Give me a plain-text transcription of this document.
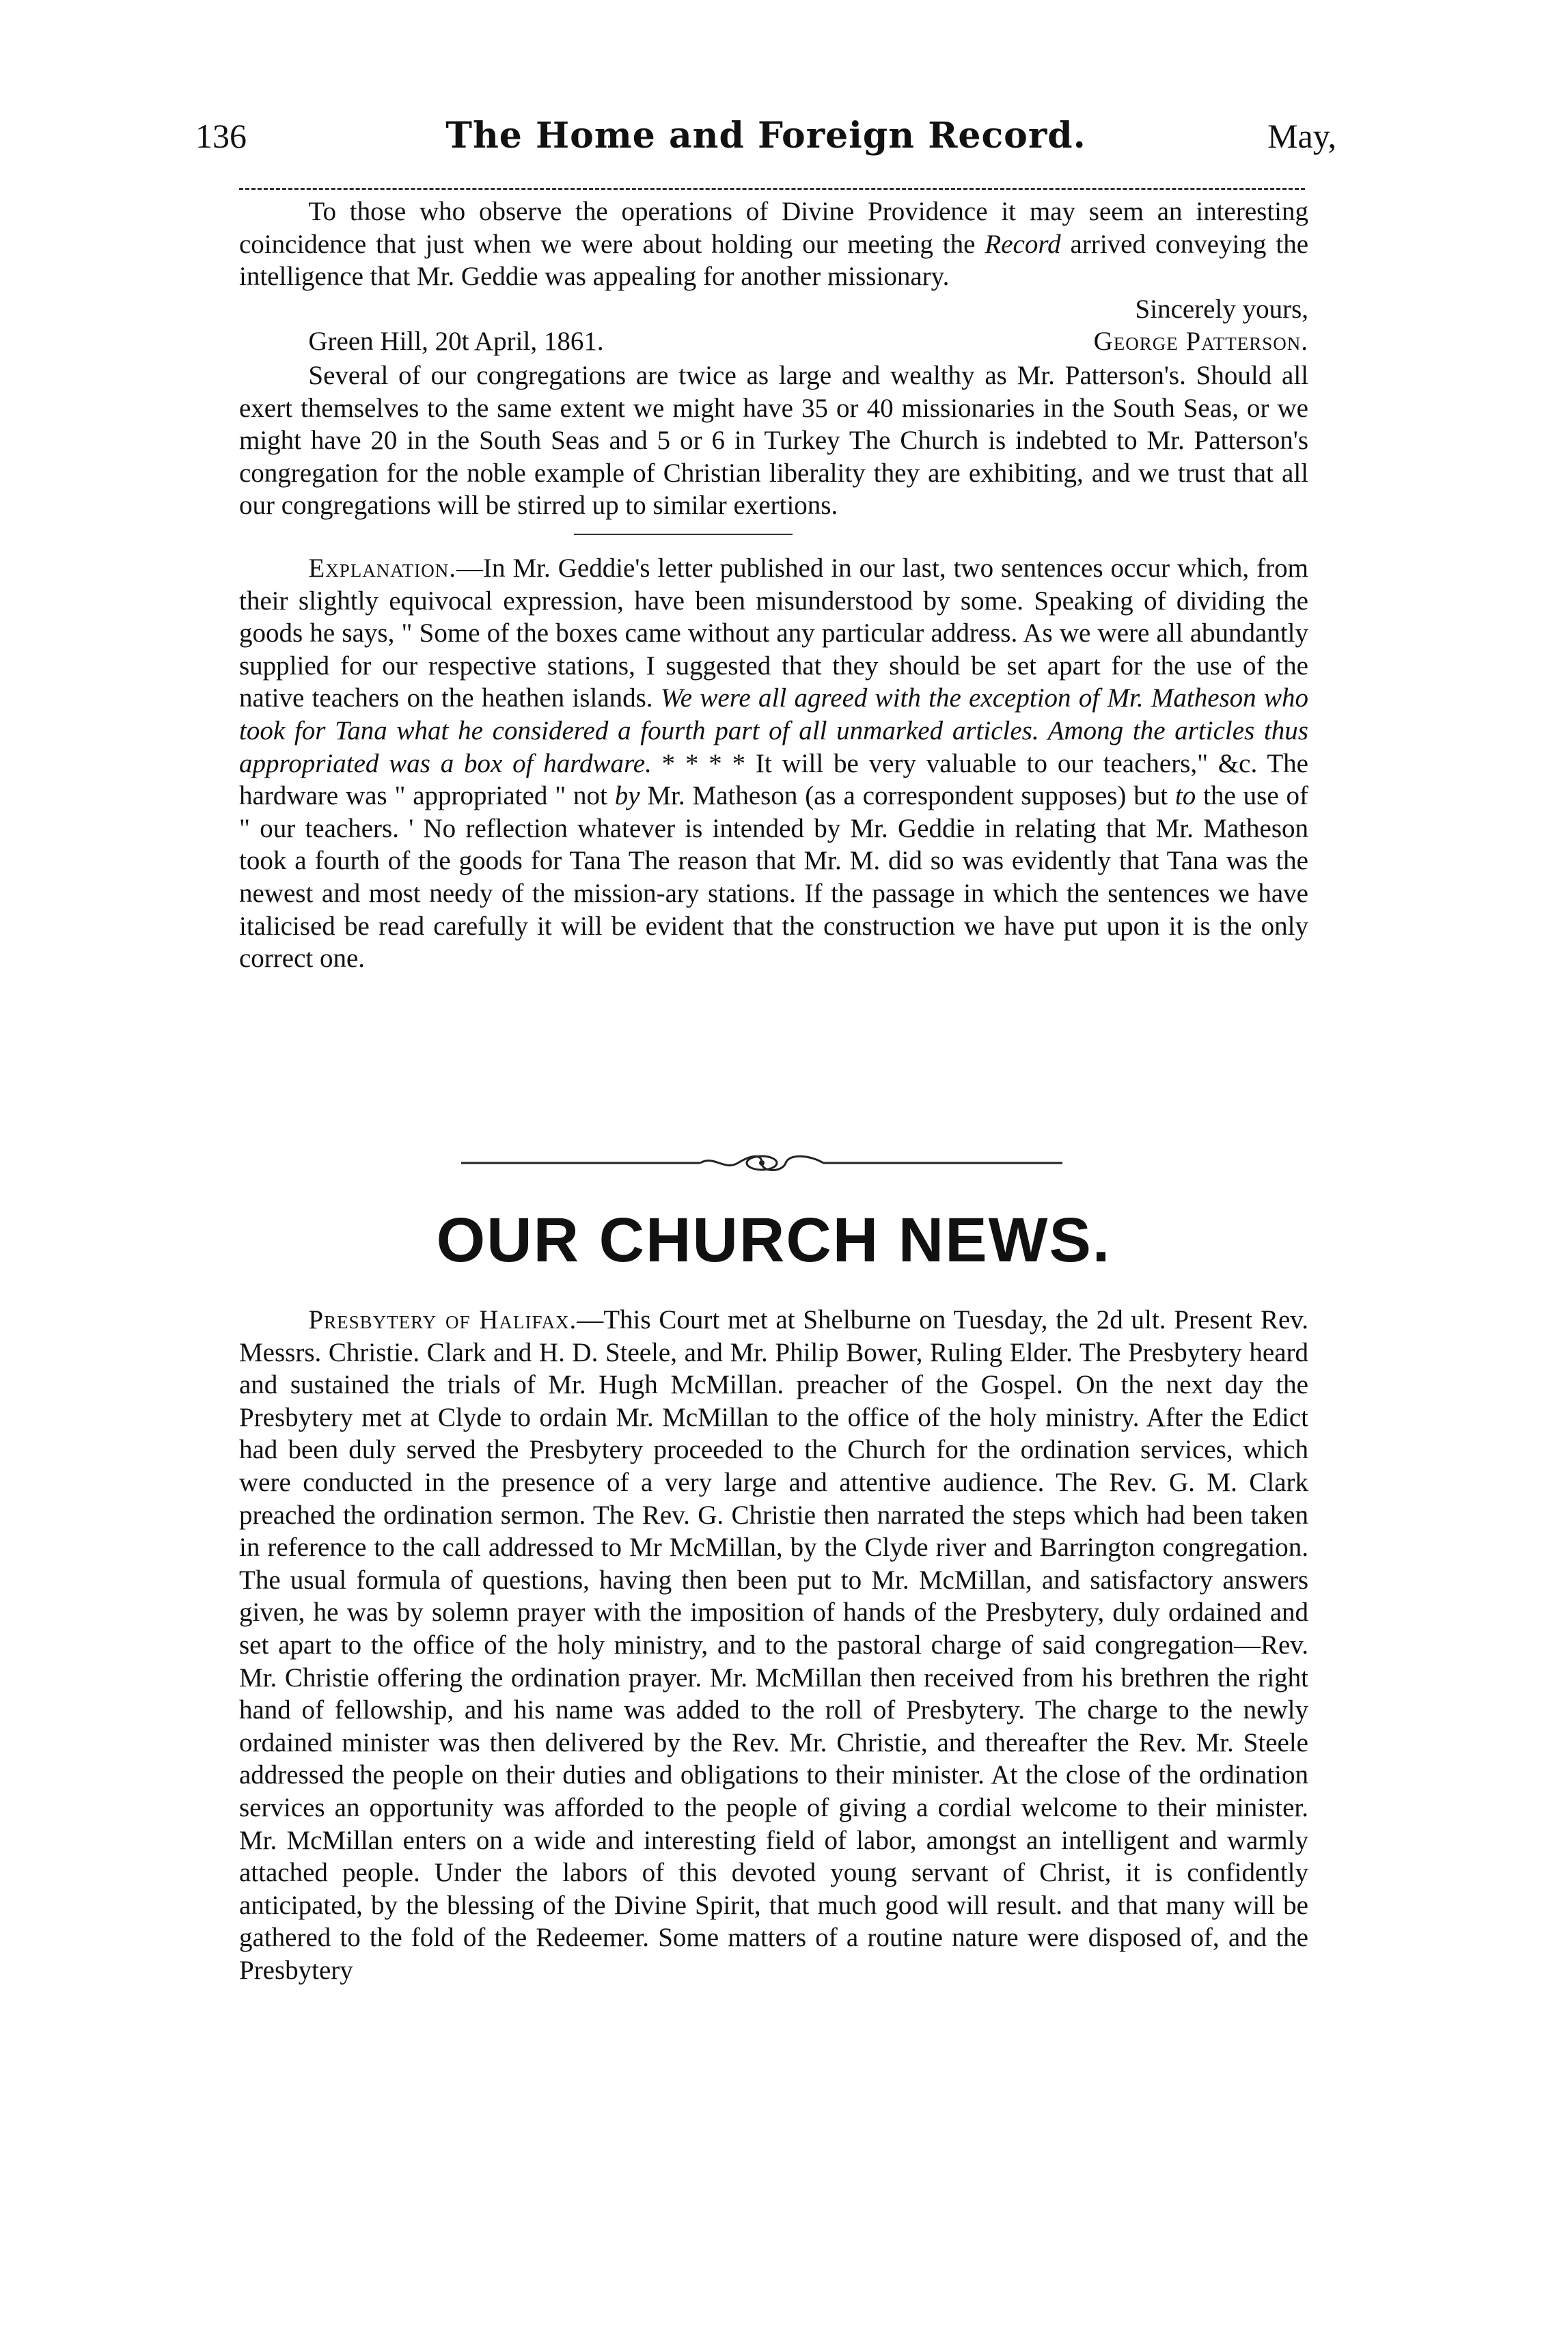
136	The Home and Foreign Record.	May,

To those who observe the operations of Divine Providence it may seem an interesting coincidence that just when we were about holding our meeting the Record arrived conveying the intelligence that Mr. Geddie was appealing for another missionary.

Sincerely yours,
Green Hill, 20t April, 1861.	George Patterson.

Several of our congregations are twice as large and wealthy as Mr. Patterson's. Should all exert themselves to the same extent we might have 35 or 40 missionaries in the South Seas, or we might have 20 in the South Seas and 5 or 6 in Turkey The Church is indebted to Mr. Patterson's congregation for the noble example of Christian liberality they are exhibiting, and we trust that all our congregations will be stirred up to similar exertions.

Explanation.—In Mr. Geddie's letter published in our last, two sentences occur which, from their slightly equivocal expression, have been misunderstood by some. Speaking of dividing the goods he says, " Some of the boxes came without any particular address. As we were all abundantly supplied for our respective stations, I suggested that they should be set apart for the use of the native teachers on the heathen islands. We were all agreed with the exception of Mr. Matheson who took for Tana what he considered a fourth part of all unmarked articles. Among the articles thus appropriated was a box of hardware. * * * * It will be very valuable to our teachers," &c. The hardware was " appropriated " not by Mr. Matheson (as a correspondent supposes) but to the use of " our teachers. ' No reflection whatever is intended by Mr. Geddie in relating that Mr. Matheson took a fourth of the goods for Tana The reason that Mr. M. did so was evidently that Tana was the newest and most needy of the mission-ary stations. If the passage in which the sentences we have italicised be read carefully it will be evident that the construction we have put upon it is the only correct one.

OUR CHURCH NEWS.

Presbytery of Halifax.—This Court met at Shelburne on Tuesday, the 2d ult. Present Rev. Messrs. Christie. Clark and H. D. Steele, and Mr. Philip Bower, Ruling Elder. The Presbytery heard and sustained the trials of Mr. Hugh McMillan. preacher of the Gospel. On the next day the Presbytery met at Clyde to ordain Mr. McMillan to the office of the holy ministry. After the Edict had been duly served the Presbytery proceeded to the Church for the ordination services, which were conducted in the presence of a very large and attentive audience. The Rev. G. M. Clark preached the ordination sermon. The Rev. G. Christie then narrated the steps which had been taken in reference to the call addressed to Mr McMillan, by the Clyde river and Barrington congregation. The usual formula of questions, having then been put to Mr. McMillan, and satisfactory answers given, he was by solemn prayer with the imposition of hands of the Presbytery, duly ordained and set apart to the office of the holy ministry, and to the pastoral charge of said congregation—Rev. Mr. Christie offering the ordination prayer. Mr. McMillan then received from his brethren the right hand of fellowship, and his name was added to the roll of Presbytery. The charge to the newly ordained minister was then delivered by the Rev. Mr. Christie, and thereafter the Rev. Mr. Steele addressed the people on their duties and obligations to their minister. At the close of the ordination services an opportunity was afforded to the people of giving a cordial welcome to their minister. Mr. McMillan enters on a wide and interesting field of labor, amongst an intelligent and warmly attached people. Under the labors of this devoted young servant of Christ, it is confidently anticipated, by the blessing of the Divine Spirit, that much good will result. and that many will be gathered to the fold of the Redeemer. Some matters of a routine nature were disposed of, and the Presbytery
